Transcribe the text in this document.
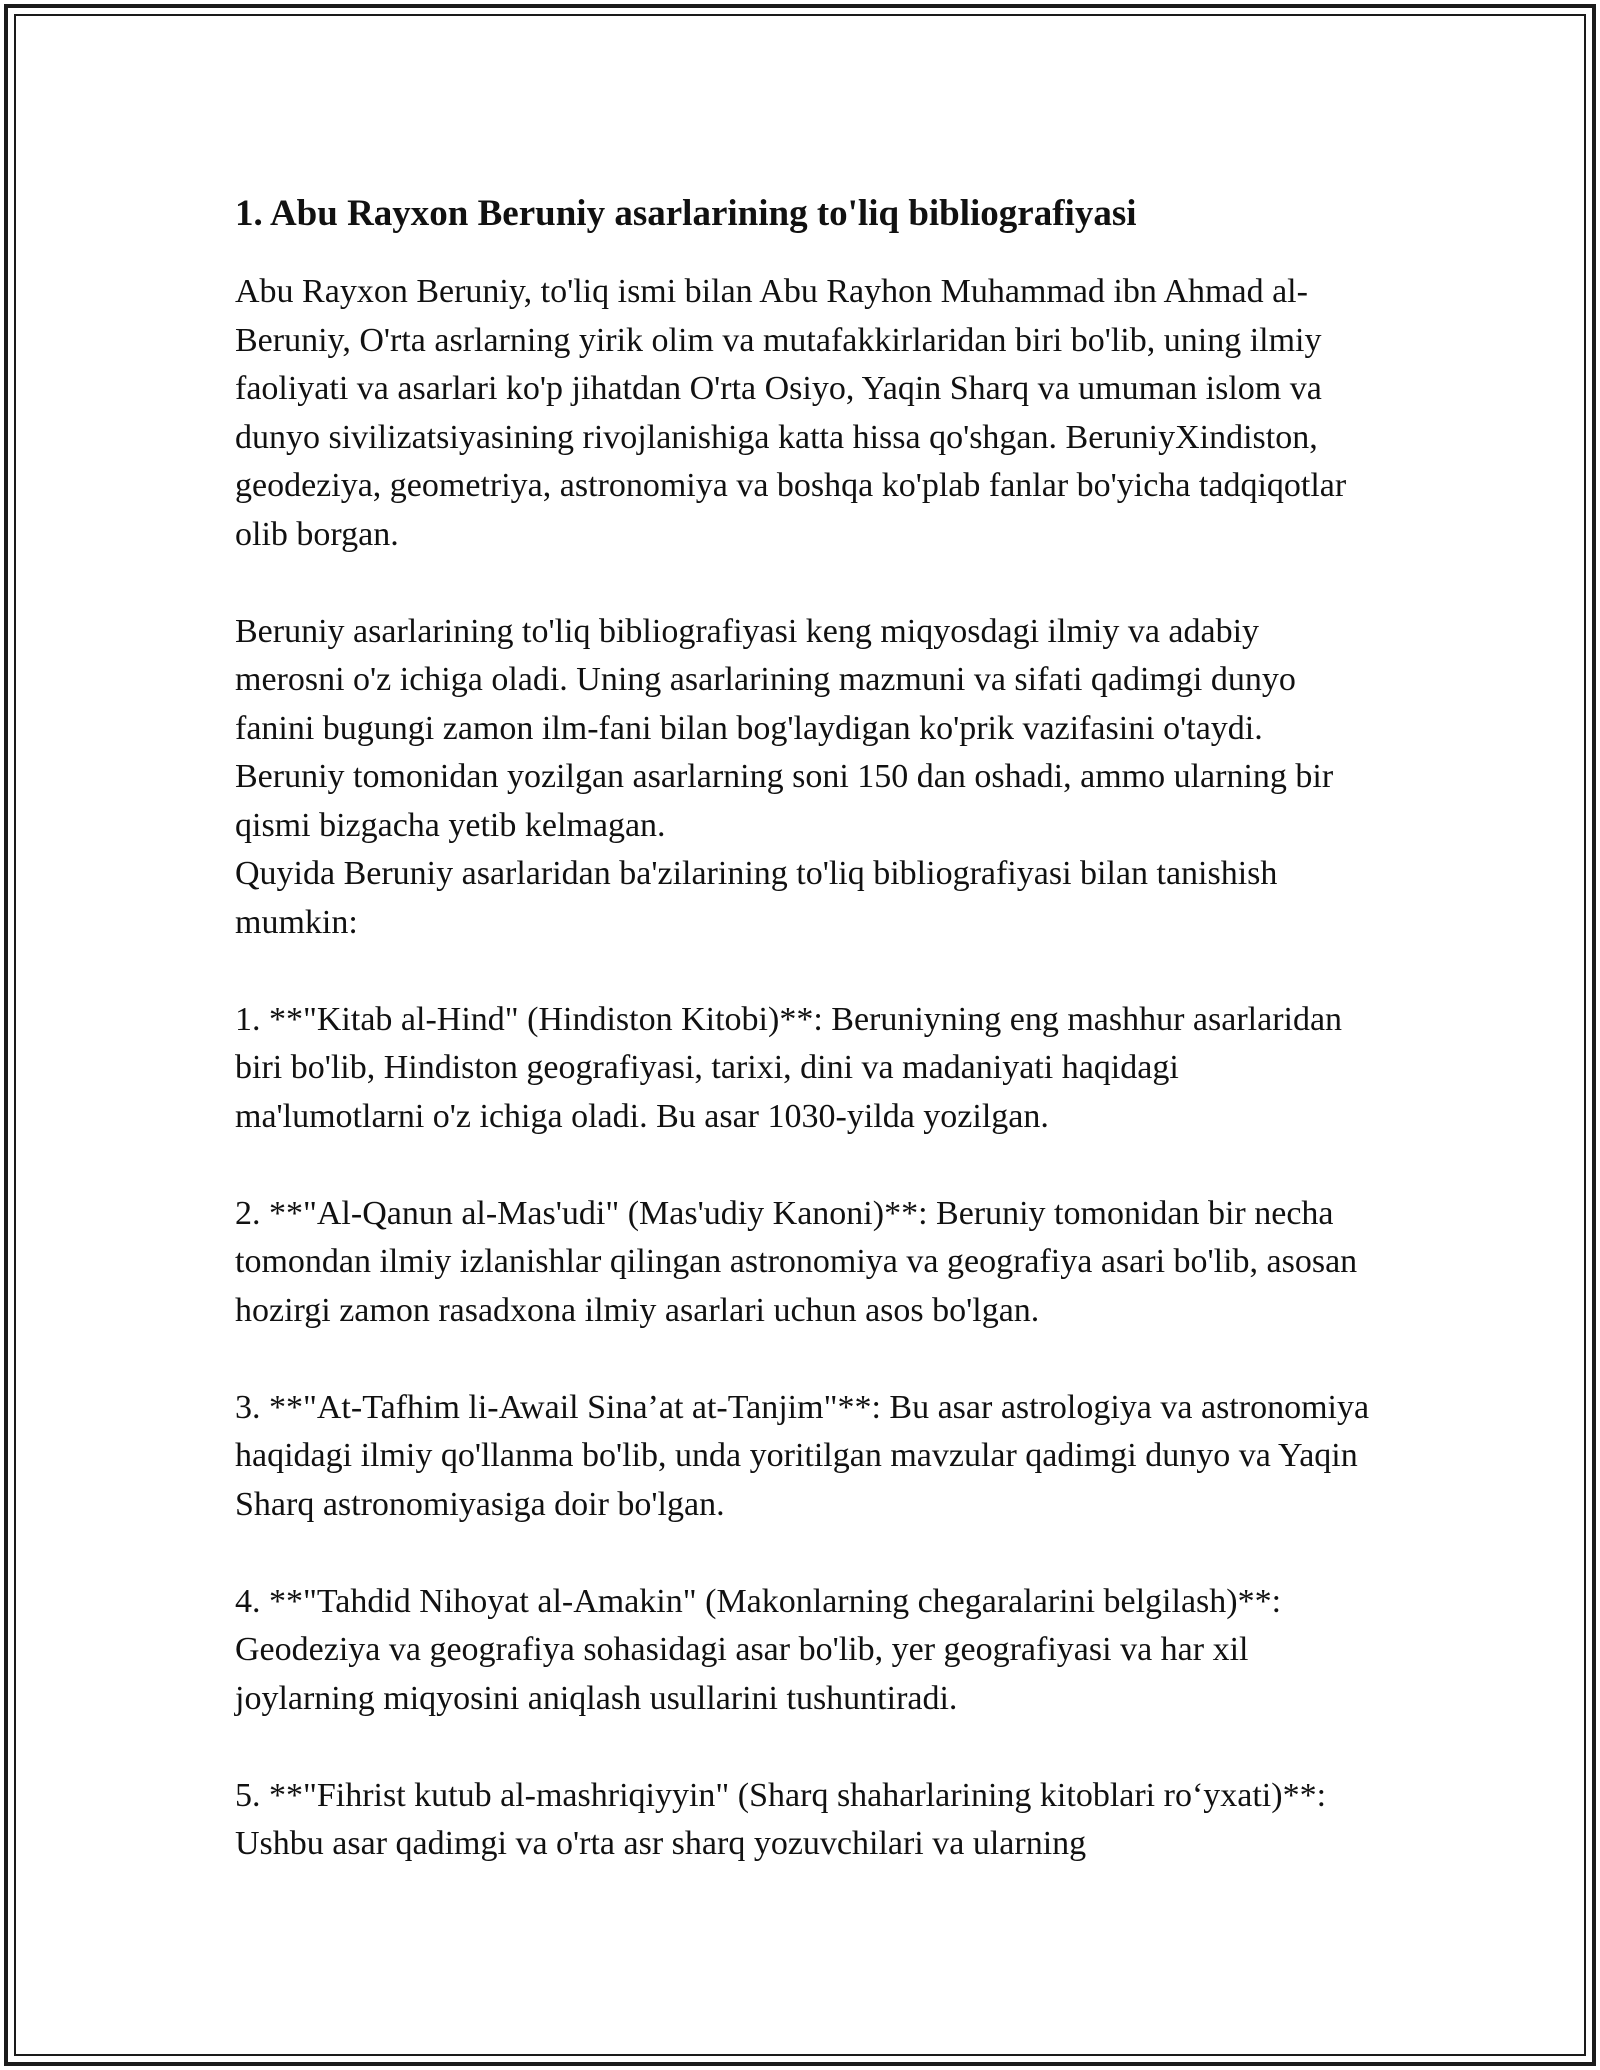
1. Abu Rayxon Beruniy asarlarining to'liq bibliografiyasi

Abu Rayxon Beruniy, to'liq ismi bilan Abu Rayhon Muhammad ibn Ahmad al-Beruniy, O'rta asrlarning yirik olim va mutafakkirlaridan biri bo'lib, uning ilmiy faoliyati va asarlari ko'p jihatdan O'rta Osiyo, Yaqin Sharq va umuman islom va dunyo sivilizatsiyasining rivojlanishiga katta hissa qo'shgan. BeruniyXindiston, geodeziya, geometriya, astronomiya va boshqa ko'plab fanlar bo'yicha tadqiqotlar olib borgan.

Beruniy asarlarining to'liq bibliografiyasi keng miqyosdagi ilmiy va adabiy merosni o'z ichiga oladi. Uning asarlarining mazmuni va sifati qadimgi dunyo fanini bugungi zamon ilm-fani bilan bog'laydigan ko'prik vazifasini o'taydi. Beruniy tomonidan yozilgan asarlarning soni 150 dan oshadi, ammo ularning bir qismi bizgacha yetib kelmagan.

Quyida Beruniy asarlaridan ba'zilarining to'liq bibliografiyasi bilan tanishish mumkin:

1. **"Kitab al-Hind" (Hindiston Kitobi)**: Beruniyning eng mashhur asarlaridan biri bo'lib, Hindiston geografiyasi, tarixi, dini va madaniyati haqidagi ma'lumotlarni o'z ichiga oladi. Bu asar 1030-yilda yozilgan.

2. **"Al-Qanun al-Mas'udi" (Mas'udiy Kanoni)**: Beruniy tomonidan bir necha tomondan ilmiy izlanishlar qilingan astronomiya va geografiya asari bo'lib, asosan hozirgi zamon rasadxona ilmiy asarlari uchun asos bo'lgan.

3. **"At-Tafhim li-Awail Sina’at at-Tanjim"**: Bu asar astrologiya va astronomiya haqidagi ilmiy qo'llanma bo'lib, unda yoritilgan mavzular qadimgi dunyo va Yaqin Sharq astronomiyasiga doir bo'lgan.

4. **"Tahdid Nihoyat al-Amakin" (Makonlarning chegaralarini belgilash)**: Geodeziya va geografiya sohasidagi asar bo'lib, yer geografiyasi va har xil joylarning miqyosini aniqlash usullarini tushuntiradi.

5. **"Fihrist kutub al-mashriqiyyin" (Sharq shaharlarining kitoblari ro‘yxati)**: Ushbu asar qadimgi va o'rta asr sharq yozuvchilari va ularning
